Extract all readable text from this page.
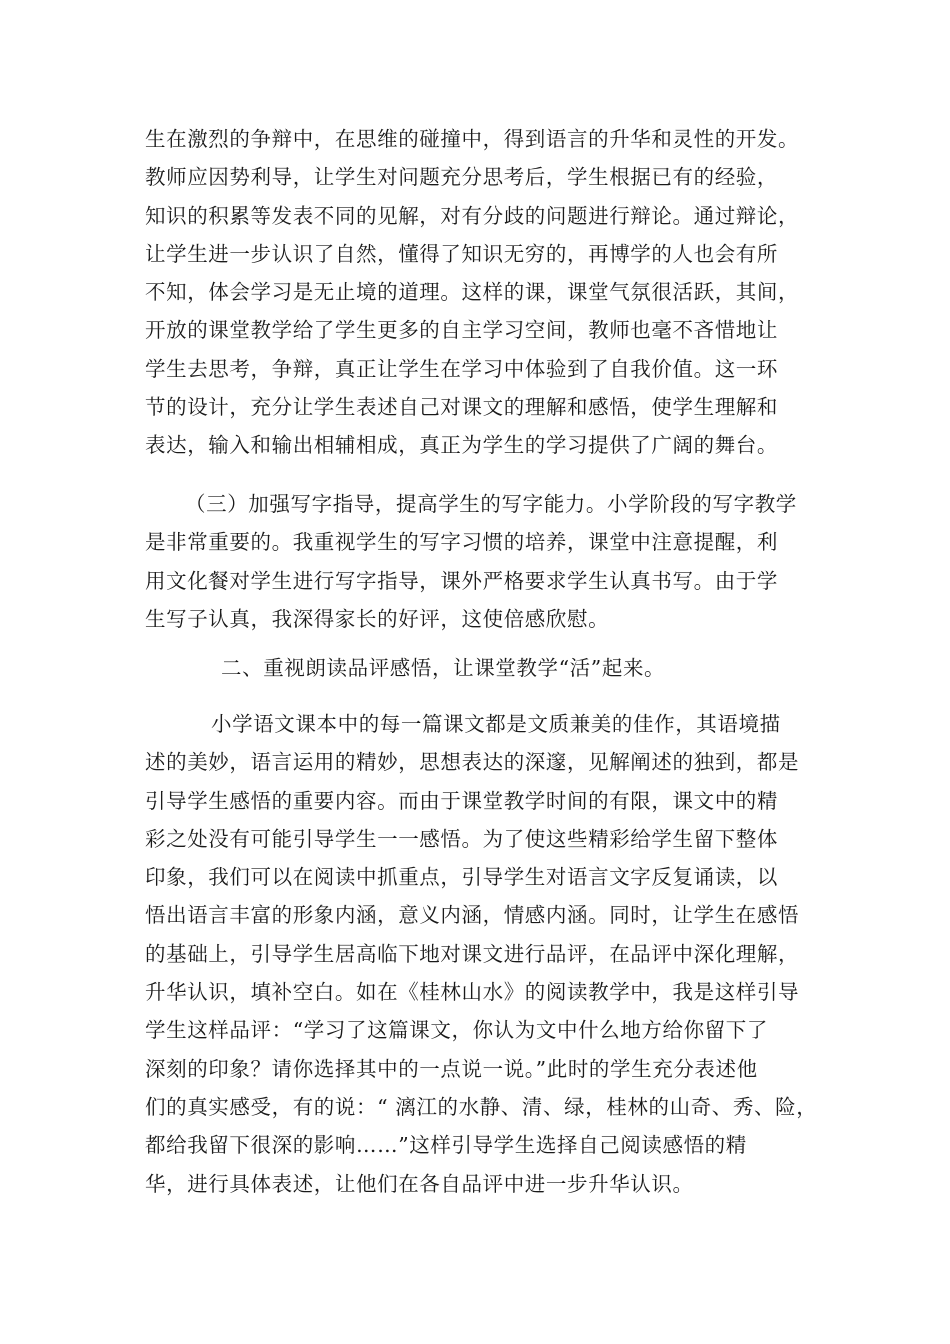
生在激烈的争辩中，在思维的碰撞中，得到语言的升华和灵性的开发。
教师应因势利导，让学生对问题充分思考后，学生根据已有的经验，
知识的积累等发表不同的见解，对有分歧的问题进行辩论。通过辩论，
让学生进一步认识了自然，懂得了知识无穷的，再博学的人也会有所
不知，体会学习是无止境的道理。这样的课，课堂气氛很活跃，其间，
开放的课堂教学给了学生更多的自主学习空间，教师也毫不吝惜地让
学生去思考，争辩，真正让学生在学习中体验到了自我价值。这一环
节的设计，充分让学生表述自己对课文的理解和感悟，使学生理解和
表达，输入和输出相辅相成，真正为学生的学习提供了广阔的舞台。
（三）加强写字指导，提高学生的写字能力。小学阶段的写字教学
是非常重要的。我重视学生的写字习惯的培养，课堂中注意提醒，利
用文化餐对学生进行写字指导，课外严格要求学生认真书写。由于学
生写子认真，我深得家长的好评，这使倍感欣慰。
二、重视朗读品评感悟，让课堂教学“活”起来。
小学语文课本中的每一篇课文都是文质兼美的佳作，其语境描
述的美妙，语言运用的精妙，思想表达的深邃，见解阐述的独到，都是
引导学生感悟的重要内容。而由于课堂教学时间的有限，课文中的精
彩之处没有可能引导学生一一感悟。为了使这些精彩给学生留下整体
印象，我们可以在阅读中抓重点，引导学生对语言文字反复诵读，以
悟出语言丰富的形象内涵，意义内涵，情感内涵。同时，让学生在感悟
的基础上，引导学生居高临下地对课文进行品评，在品评中深化理解，
升华认识，填补空白。如在《桂林山水》的阅读教学中，我是这样引导
学生这样品评：“学习了这篇课文，你认为文中什么地方给你留下了
深刻的印象？请你选择其中的一点说一说。”此时的学生充分表述他
们的真实感受，有的说：“ 漓江的水静、清、绿，桂林的山奇、秀、险，
都给我留下很深的影响……”这样引导学生选择自己阅读感悟的精
华，进行具体表述，让他们在各自品评中进一步升华认识。
